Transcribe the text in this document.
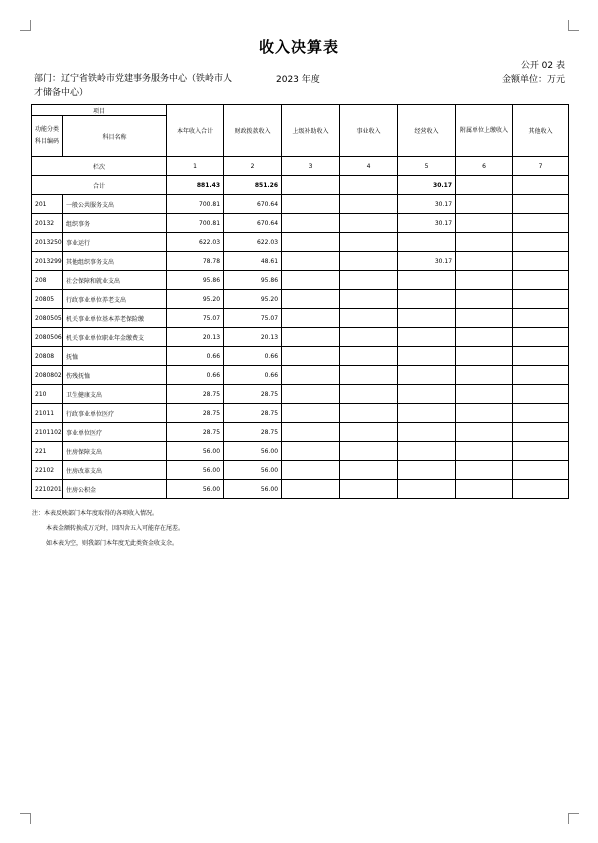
收入决算表
公开 02 表
部门：辽宁省铁岭市党建事务服务中心（铁岭市人才储备中心）
2023 年度	金额单位：万元
项目		本年收入合计	财政拨款收入	上级补助收入	事业收入	经营收入	附属单位上缴收入	其他收入
功能分类科目编码	科目名称							
栏次		1	2	3	4	5	6	7
合计		881.43	851.26			30.17		
201	一般公共服务支出	700.81	670.64			30.17		
20132	组织事务	700.81	670.64			30.17		
2013250	事业运行	622.03	622.03					
2013299	其他组织事务支出	78.78	48.61			30.17		
208	社会保障和就业支出	95.86	95.86					
20805	行政事业单位养老支出	95.20	95.20					
2080505	机关事业单位基本养老保险缴	75.07	75.07					
2080506	机关事业单位职业年金缴费支	20.13	20.13					
20808	抚恤	0.66	0.66					
2080802	伤残抚恤	0.66	0.66					
210	卫生健康支出	28.75	28.75					
21011	行政事业单位医疗	28.75	28.75					
2101102	事业单位医疗	28.75	28.75					
221	住房保障支出	56.00	56.00					
22102	住房改革支出	56.00	56.00					
2210201	住房公积金	56.00	56.00					
注：本表反映部门本年度取得的各项收入情况。
本表金额转换成万元时，因四舍五入可能存在尾差。
如本表为空，则我部门本年度无此类资金收支余。
